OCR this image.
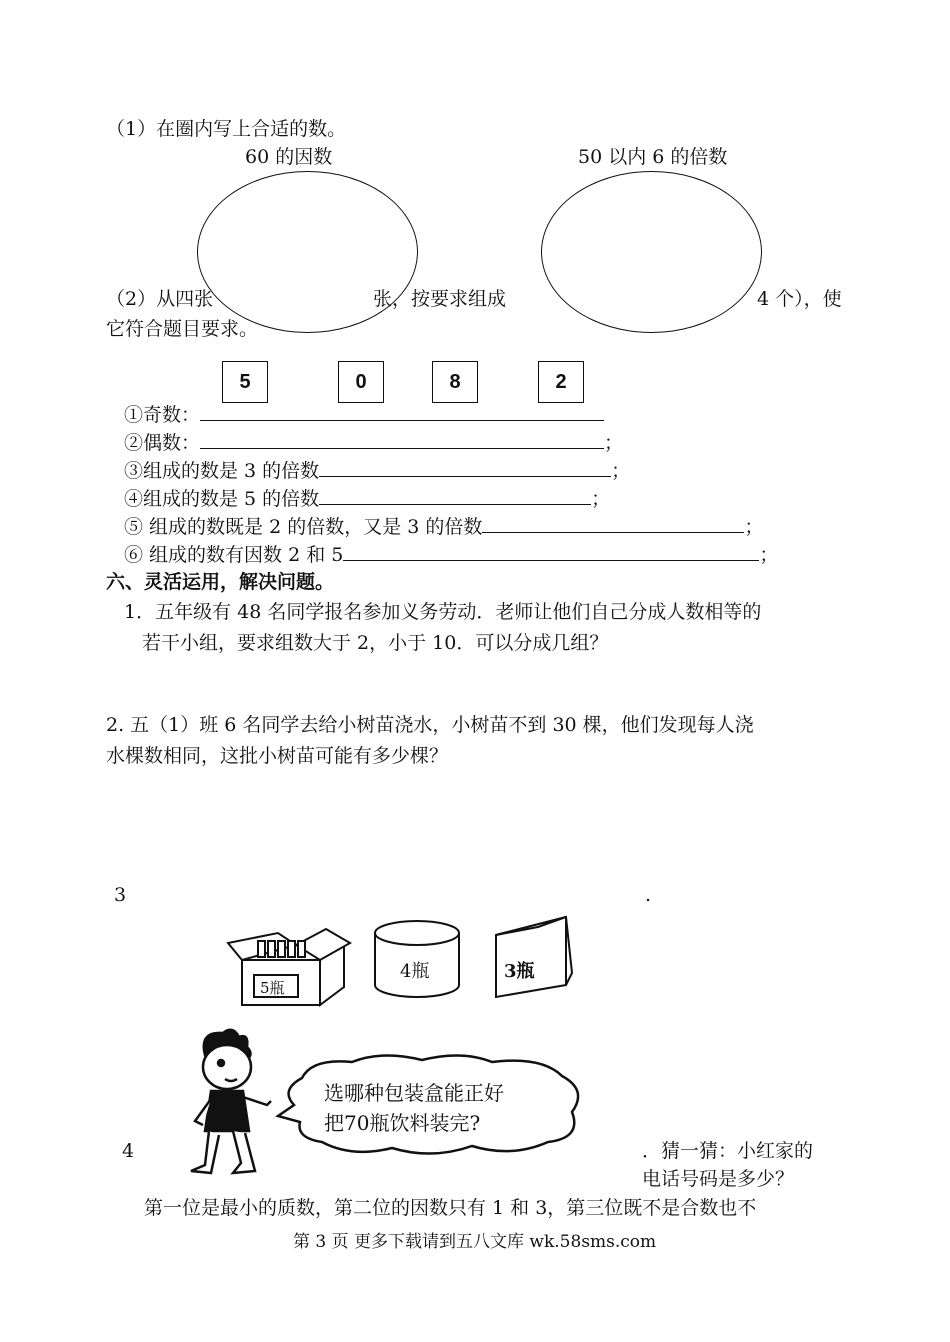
（1）在圈内写上合适的数。
60 的因数	50 以内 6 的倍数
（2）从四张	张，按要求组成	4 个），使
它符合题目要求。
5	0	8	2
①奇数：
②偶数：	；
③组成的数是 3 的倍数	；
④组成的数是 5 的倍数	；
⑤ 组成的数既是 2 的倍数，又是 3 的倍数	；
⑥ 组成的数有因数 2 和 5	；
六、灵活运用，解决问题。
1．五年级有 48 名同学报名参加义务劳动．老师让他们自己分成人数相等的
若干小组，要求组数大于 2，小于 10．可以分成几组？
2. 五（1）班 6 名同学去给小树苗浇水，小树苗不到 30 棵，他们发现每人浇
水棵数相同，这批小树苗可能有多少棵？
3	.
5瓶
4瓶	3瓶
选哪种包装盒能正好
把70瓶饮料装完?
4	．猜一猜：小红家的
电话号码是多少？
第一位是最小的质数，第二位的因数只有 1 和 3，第三位既不是合数也不
第 3 页 更多下载请到五八文库 wk.58sms.com
